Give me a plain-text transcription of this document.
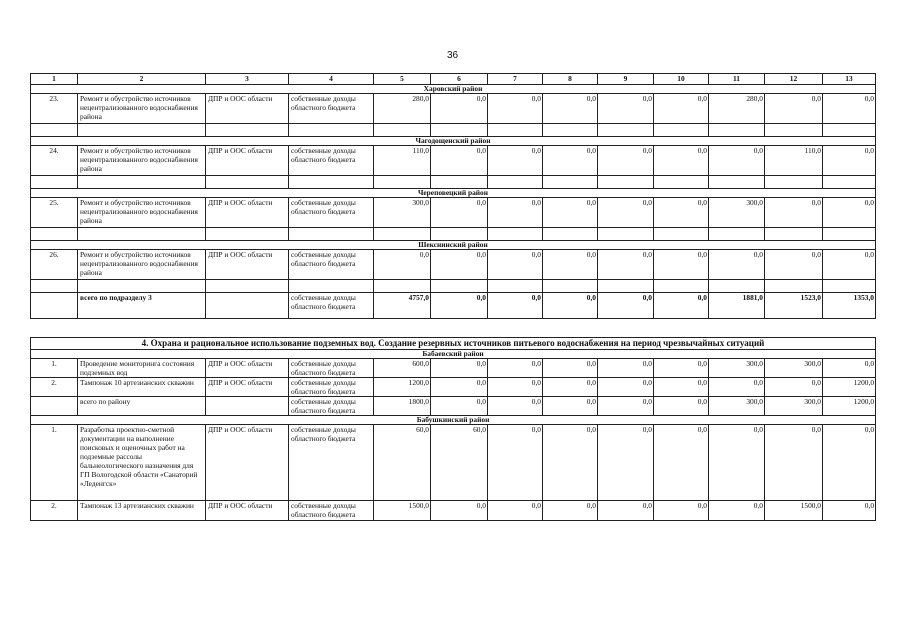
36
1	2	3	4	5	6	7	8	9	10	11	12	13
Харовский район												
23.	Ремонт и обустройство источников нецентрализованного водоснабжения района	ДПР и ООС области	собственные доходы областного бюджета	280,0	0,0	0,0	0,0	0,0	0,0	280,0	0,0	0,0

Чагодощенский район												
24.	Ремонт и обустройство источников нецентрализованного водоснабжения района	ДПР и ООС области	собственные доходы областного бюджета	110,0	0,0	0,0	0,0	0,0	0,0	0,0	110,0	0,0

Череповецкий район												
25.	Ремонт и обустройство источников нецентрализованного водоснабжения района	ДПР и ООС области	собственные доходы областного бюджета	300,0	0,0	0,0	0,0	0,0	0,0	300,0	0,0	0,0

Шекснинский район												
26.	Ремонт и обустройство источников нецентрализованного водоснабжения района	ДПР и ООС области	собственные доходы областного бюджета	0,0	0,0	0,0	0,0	0,0	0,0	0,0	0,0	0,0

	всего по подразделу 3		собственные доходы областного бюджета	4757,0	0,0	0,0	0,0	0,0	0,0	1881,0	1523,0	1353,0
4. Охрана и рациональное использование подземных вод. Создание резервных источников питьевого водоснабжения на период чрезвычайных ситуаций												
Бабаевский район												
1.	Проведение мониторинга состояния подземных вод	ДПР и ООС области	собственные доходы областного бюджета	600,0	0,0	0,0	0,0	0,0	0,0	300,0	300,0	0,0
2.	Тампонаж 10 артезианских скважин	ДПР и ООС области	собственные доходы областного бюджета	1200,0	0,0	0,0	0,0	0,0	0,0	0,0	0,0	1200,0
	всего по району		собственные доходы областного бюджета	1800,0	0,0	0,0	0,0	0,0	0,0	300,0	300,0	1200,0
Бабушкинский район												
1.	Разработка проектно-сметной документации на выполнение поисковых и оценочных работ на подземные рассолы бальнеологического назначения для ГП Вологодской области «Санаторий «Леденгск»	ДПР и ООС области	собственные доходы областного бюджета	60,0	60,0	0,0	0,0	0,0	0,0	0,0	0,0	0,0
2.	Тампонаж 13 артезианских скважин	ДПР и ООС области	собственные доходы областного бюджета	1500,0	0,0	0,0	0,0	0,0	0,0	0,0	1500,0	0,0
